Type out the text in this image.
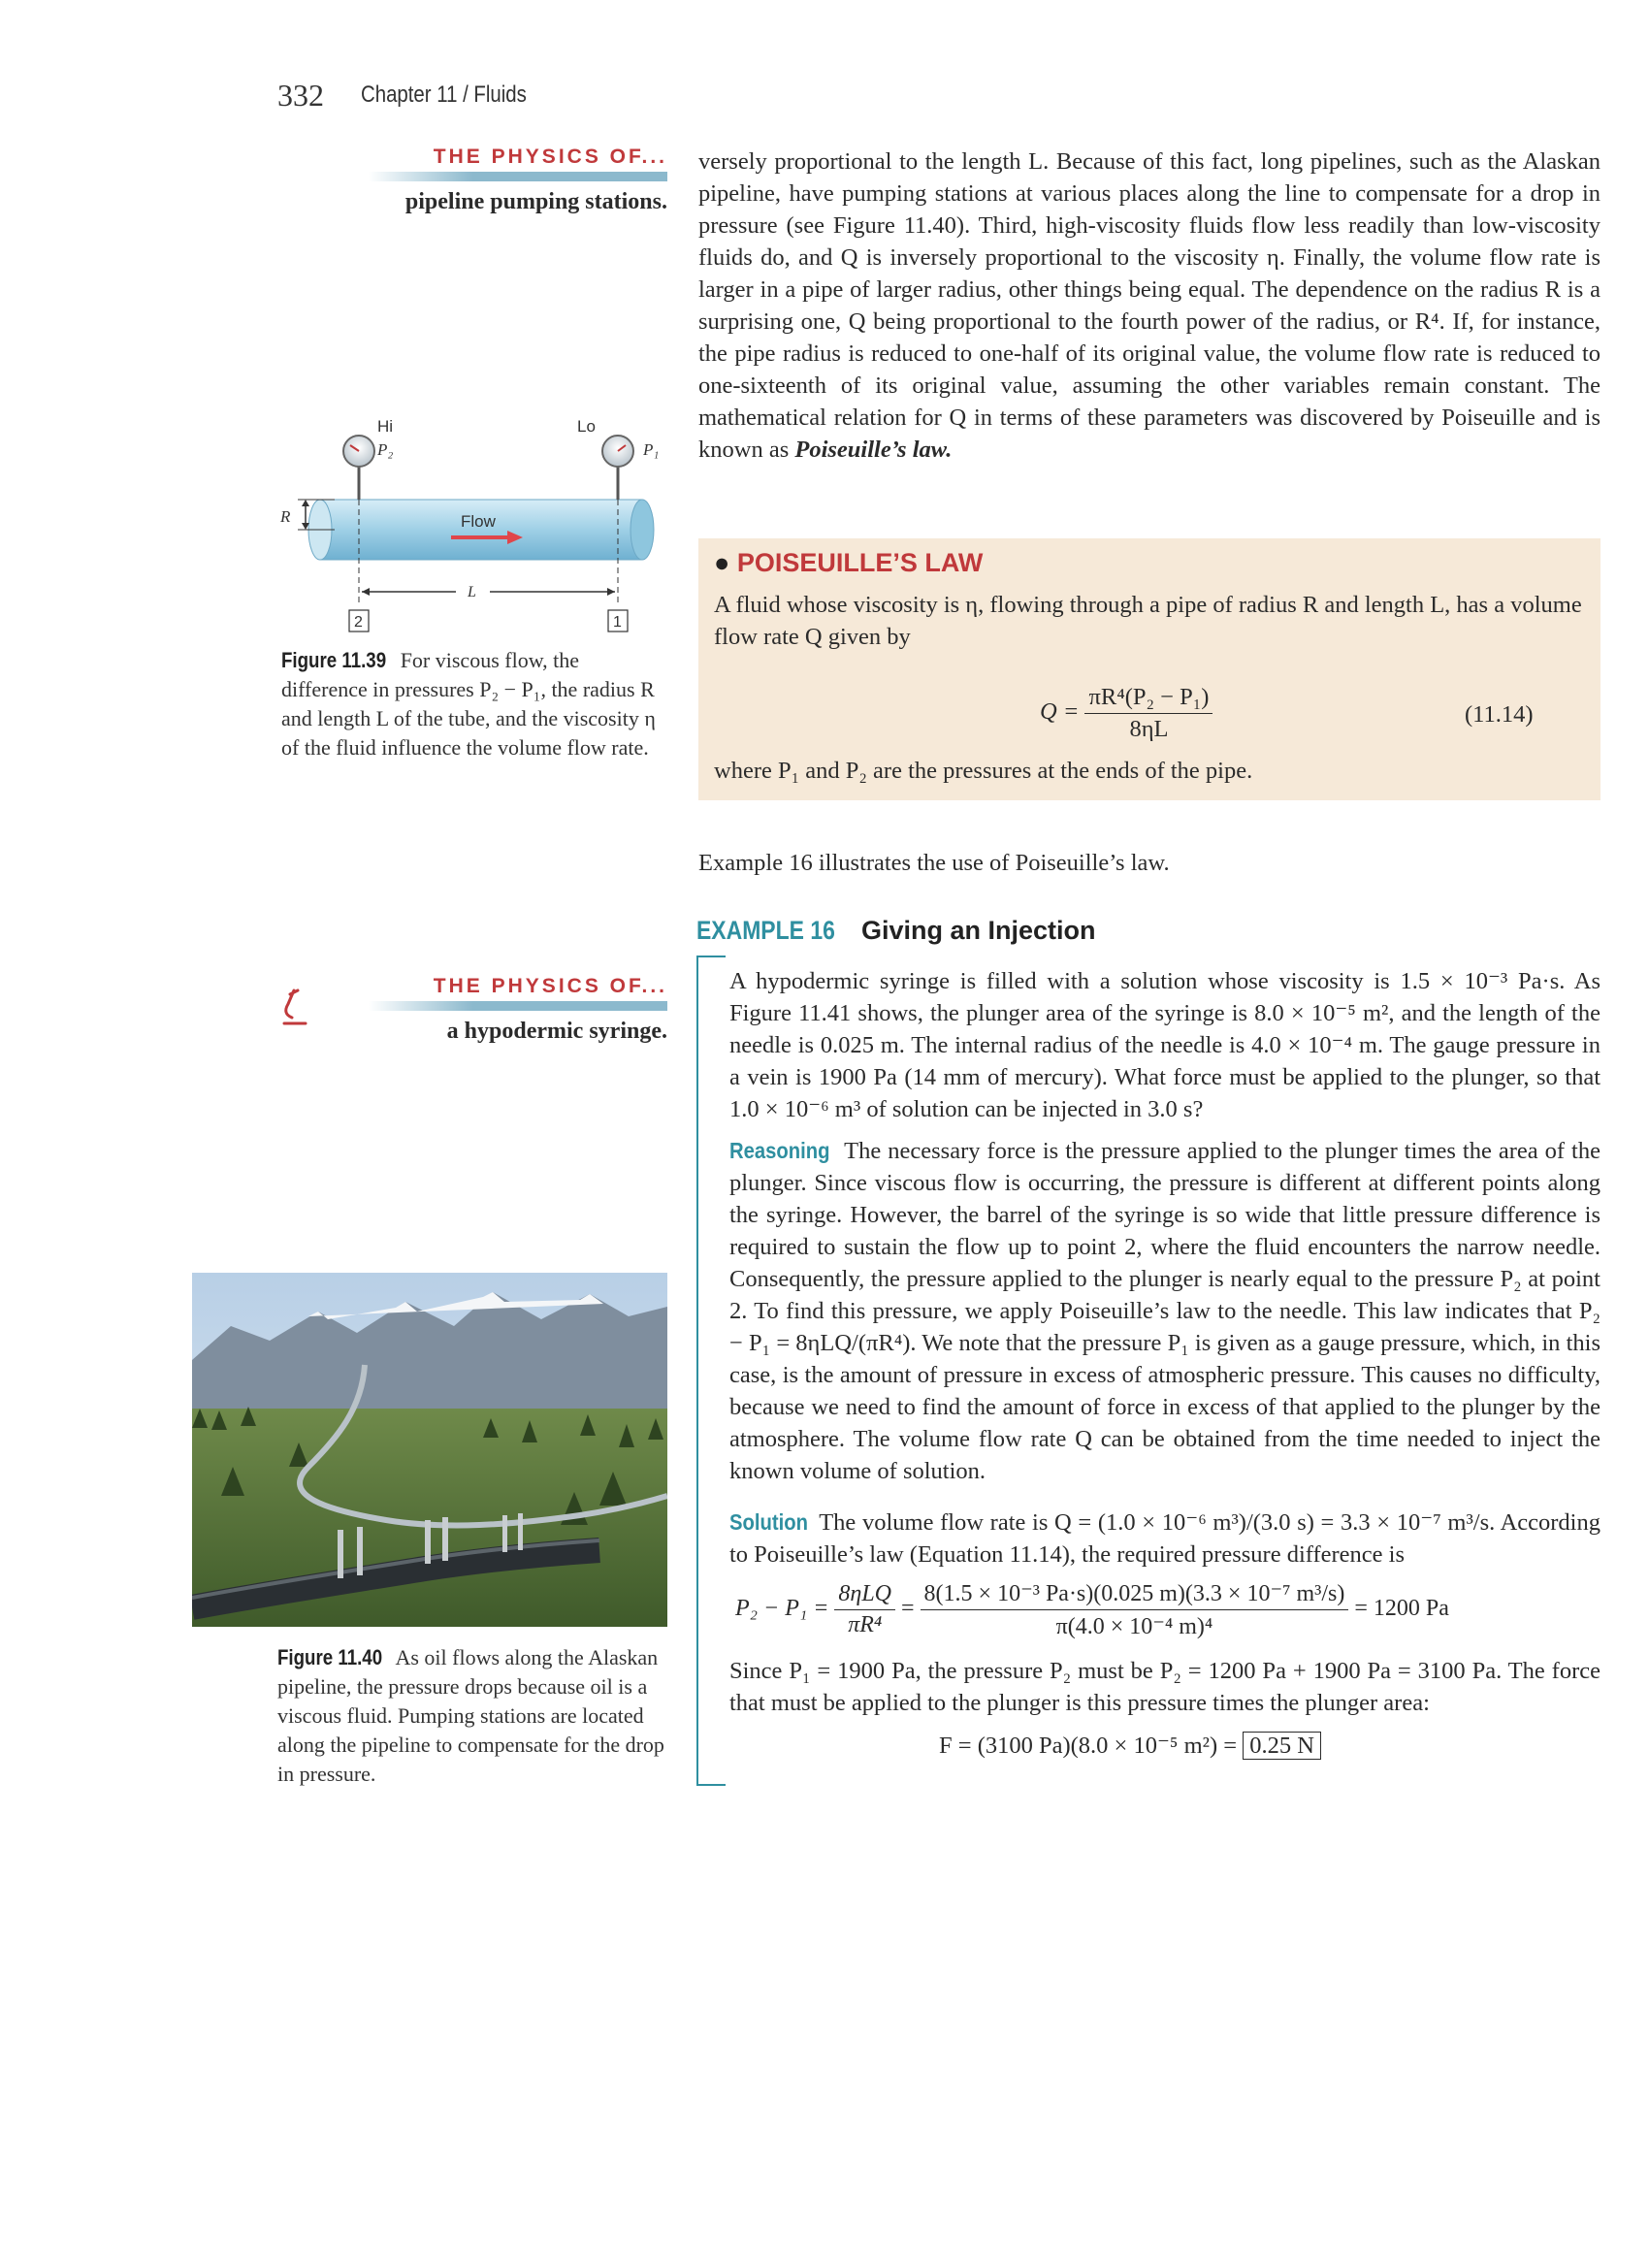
332 Chapter 11 / Fluids
THE PHYSICS OF...
pipeline pumping stations.
versely proportional to the length L. Because of this fact, long pipelines, such as the Alaskan pipeline, have pumping stations at various places along the line to compensate for a drop in pressure (see Figure 11.40). Third, high-viscosity fluids flow less readily than low-viscosity fluids do, and Q is inversely proportional to the viscosity η. Finally, the volume flow rate is larger in a pipe of larger radius, other things being equal. The dependence on the radius R is a surprising one, Q being proportional to the fourth power of the radius, or R⁴. If, for instance, the pipe radius is reduced to one-half of its original value, the volume flow rate is reduced to one-sixteenth of its original value, assuming the other variables remain constant. The mathematical relation for Q in terms of these parameters was discovered by Poiseuille and is known as Poiseuille’s law.
Hi	Lo
P₂	P₁
Flow
R
L
2	1
Figure 11.39 For viscous flow, the difference in pressures P₂ − P₁, the radius R and length L of the tube, and the viscosity η of the fluid influence the volume flow rate.
● POISEUILLE’S LAW
A fluid whose viscosity is η, flowing through a pipe of radius R and length L, has a volume flow rate Q given by
$Q = \frac{\text{πR⁴(P₂ − P₁)}}{8\eta L}$	(11.14)
where P₁ and P₂ are the pressures at the ends of the pipe.
Example 16 illustrates the use of Poiseuille’s law.
EXAMPLE 16 Giving an Injection
THE PHYSICS OF...
a hypodermic syringe.
A hypodermic syringe is filled with a solution whose viscosity is 1.5 × 10⁻³ Pa·s. As Figure 11.41 shows, the plunger area of the syringe is 8.0 × 10⁻⁵ m², and the length of the needle is 0.025 m. The internal radius of the needle is 4.0 × 10⁻⁴ m. The gauge pressure in a vein is 1900 Pa (14 mm of mercury). What force must be applied to the plunger, so that 1.0 × 10⁻⁶ m³ of solution can be injected in 3.0 s?
Reasoning The necessary force is the pressure applied to the plunger times the area of the plunger. Since viscous flow is occurring, the pressure is different at different points along the syringe. However, the barrel of the syringe is so wide that little pressure difference is required to sustain the flow up to point 2, where the fluid encounters the narrow needle. Consequently, the pressure applied to the plunger is nearly equal to the pressure P₂ at point 2. To find this pressure, we apply Poiseuille’s law to the needle. This law indicates that P₂ − P₁ = 8ηLQ/(πR⁴). We note that the pressure P₁ is given as a gauge pressure, which, in this case, is the amount of pressure in excess of atmospheric pressure. This causes no difficulty, because we need to find the amount of force in excess of that applied to the plunger by the atmosphere. The volume flow rate Q can be obtained from the time needed to inject the known volume of solution.
Solution The volume flow rate is Q = (1.0 × 10⁻⁶ m³)/(3.0 s) = 3.3 × 10⁻⁷ m³/s. According to Poiseuille’s law (Equation 11.14), the required pressure difference is
$P_2 - P_1 = \frac{\text{8ηLQ}}{\text{πR⁴}} = \frac{\text{8(1.5 × 10⁻³ Pa·s)(0.025 m)(3.3 × 10⁻⁷ m³/s)}}{\text{π(4.0 × 10⁻⁴ m)⁴}} = 1200$ Pa
Since P₁ = 1900 Pa, the pressure P₂ must be P₂ = 1200 Pa + 1900 Pa = 3100 Pa. The force that must be applied to the plunger is this pressure times the plunger area:
F = (3100 Pa)(8.0 × 10⁻⁵ m²) = 0.25 N
Figure 11.40 As oil flows along the Alaskan pipeline, the pressure drops because oil is a viscous fluid. Pumping stations are located along the pipeline to compensate for the drop in pressure.
